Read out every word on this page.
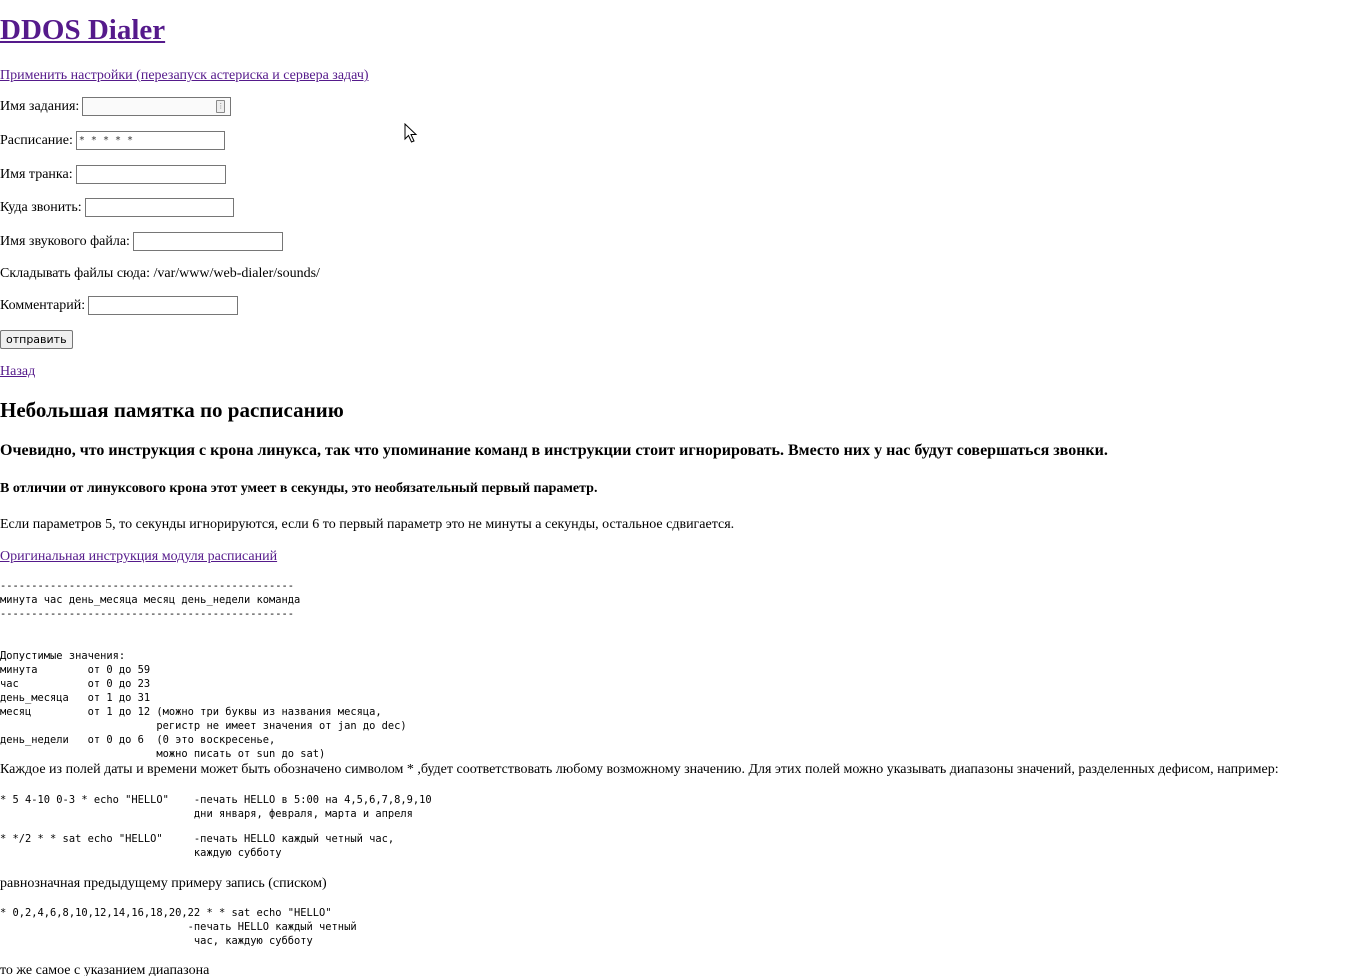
DDOS Dialer
Применить настройки (перезапуск астериска и сервера задач)
Имя задания:	⋮
Расписание:
* * * * *
Имя транка:
Куда звонить:
Имя звукового файла:
Складывать файлы сюда: /var/www/web-dialer/sounds/
Комментарий:
отправить
Назад
Небольшая памятка по расписанию
Очевидно, что инструкция с крона линукса, так что упоминание команд в инструкции стоит игнорировать. Вместо них у нас будут совершаться звонки.
В отличии от линуксового крона этот умеет в секунды, это необязательный первый параметр.
Если параметров 5, то секунды игнорируются, если 6 то первый параметр это не минуты а секунды, остальное сдвигается.
Оригинальная инструкция модуля расписаний
-----------------------------------------------
минута час день_месяца месяц день_недели команда
-----------------------------------------------

Допустимые значения:
минута        от 0 до 59
час           от 0 до 23
день_месяца   от 1 до 31
месяц         от 1 до 12 (можно три буквы из названия месяца,
регистр не имеет значения от jan до dec)
день_недели   от 0 до 6  (0 это воскресенье,
можно писать от sun до sat)
Каждое из полей даты и времени может быть обозначено символом * ,будет соответствовать любому возможному значению. Для этих полей можно указывать диапазоны значений, разделенных дефисом, например:
* 5 4-10 0-3 * echo "HELLO"    -печать HELLO в 5:00 на 4,5,6,7,8,9,10
дни января, февраля, марта и апреля
* */2 * * sat echo "HELLO"     -печать HELLO каждый четный час,
каждую субботу
равнозначная предыдущему примеру запись (списком)
* 0,2,4,6,8,10,12,14,16,18,20,22 * * sat echo "HELLO"
-печать HELLO каждый четный
час, каждую субботу
то же самое с указанием диапазона
